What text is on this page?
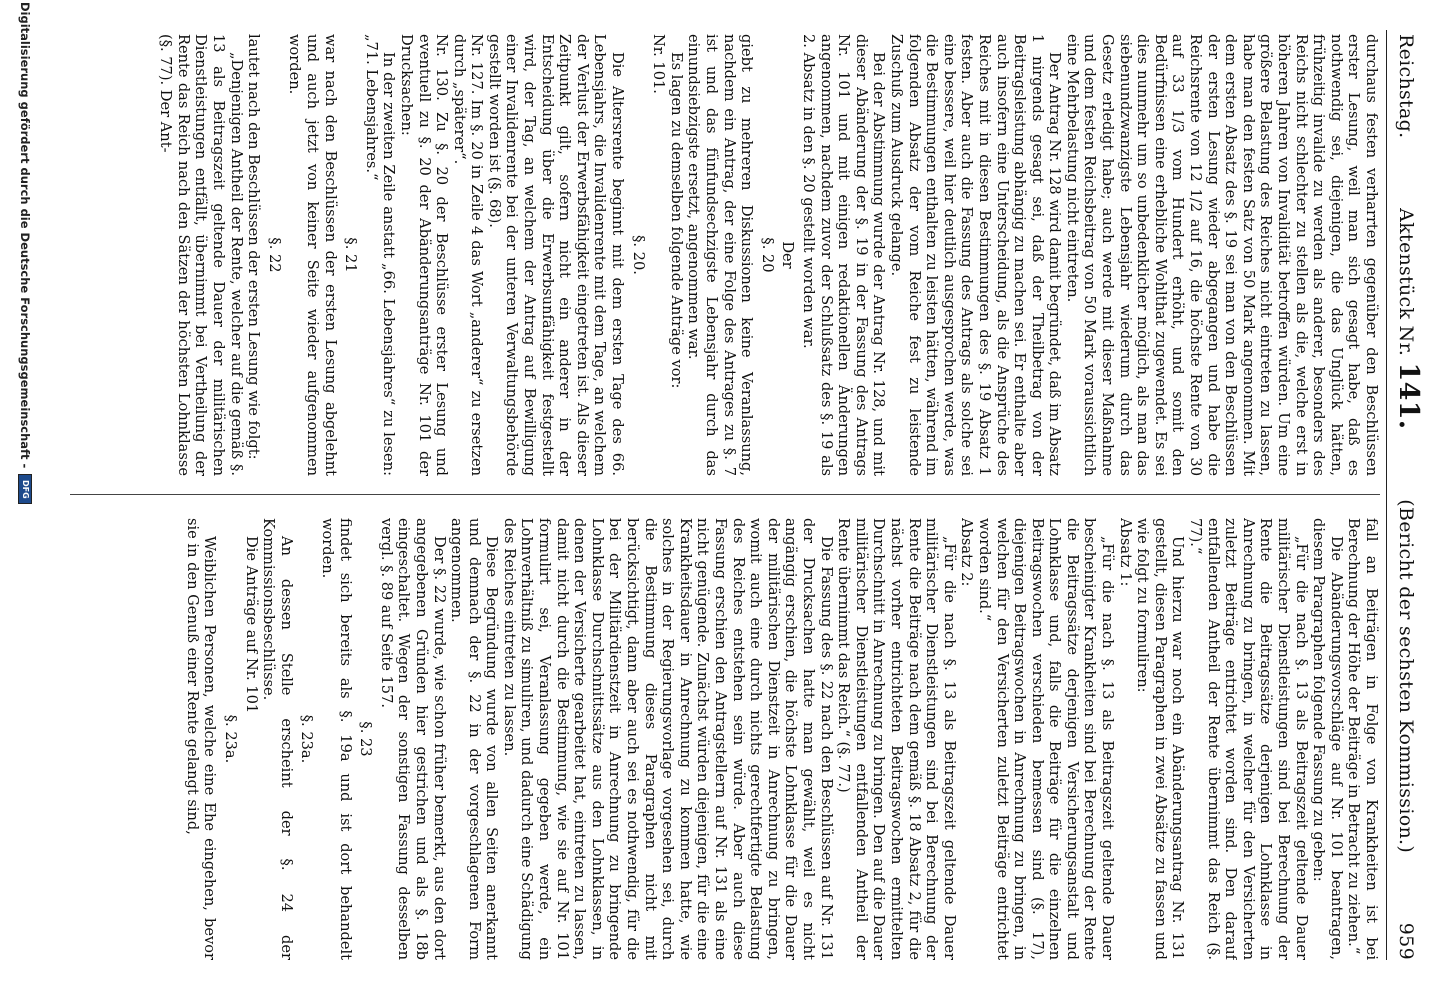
Reichstag.
Aktenstück Nr. 141.
(Bericht der sechsten Kommission.)
959

durchaus festen verharrten gegenüber den Beschlüssen erster Lesung, weil man sich gesagt habe, daß es nothwendig sei, diejenigen, die das Unglück hätten, frühzeitig invalide zu werden als anderer, besonders des Reichs nicht schlechter zu stellen als die, welche erst in höheren Jahren von Invalidität betroffen würden. Um eine größere Belastung des Reiches nicht eintreten zu lassen, habe man den festen Satz von 50 Mark angenommen. Mit dem ersten Absatz des §. 19 sei man von den Beschlüssen der ersten Lesung wieder abgegangen und habe die Reichsrente von 12 1/2 auf 16, die höchste Rente von 30 auf 33 1/3 vom Hundert erhöht, und somit den Bedürfnissen eine erhebliche Wohlthat zugewendet. Es sei dies nunmehr um so unbedenklicher möglich, als man das siebenundzwanzigste Lebensjahr wiederum durch das Gesetz erledigt habe; auch werde mit dieser Maßnahme und dem festen Reichsbeitrag von 50 Mark voraussichtlich eine Mehrbelastung nicht eintreten.

Der Antrag Nr. 128 wird damit begründet, daß im Absatz 1 nirgends gesagt sei, daß der Theilbetrag von der Beitragsleistung abhängig zu machen sei. Er enthalte aber auch insofern eine Unterscheidung, als die Ansprüche des Reiches mit in diesen Bestimmungen des §. 19 Absatz 1 festen. Aber auch die Fassung des Antrags als solche sei eine bessere, weil hier deutlich ausgesprochen werde, was die Bestimmungen enthalten zu leisten hätten, während im folgenden Absatz der vom Reiche fest zu leistende Zuschuß zum Ausdruck gelange.

Bei der Abstimmung wurde der Antrag Nr. 128, und mit dieser Abänderung der §. 19 in der Fassung des Antrags Nr. 101 und mit einigen redaktionellen Änderungen angenommen, nachdem zuvor der Schlußsatz des §. 19 als 2. Absatz in den §. 20 gestellt worden war.

Der

§. 20

giebt zu mehreren Diskussionen keine Veranlassung, nachdem ein Antrag, der eine Folge des Antrages zu §. 7 ist und das fünfundsechzigste Lebensjahr durch das einundsiebzigste ersetzt, angenommen war.

Es lagen zu demselben folgende Anträge vor:

Nr. 101.

§. 20.

Die Altersrente beginnt mit dem ersten Tage des 66. Lebensjahrs, die Invalidenrente mit dem Tage, an welchem der Verlust der Erwerbsfähigkeit eingetreten ist. Als dieser Zeitpunkt gilt, sofern nicht ein anderer in der Entscheidung über die Erwerbsunfähigkeit festgestellt wird, der Tag, an welchem der Antrag auf Bewilligung einer Invalidenrente bei der unteren Verwaltungsbehörde gestellt worden ist (§. 68).

Nr. 127. Im §. 20 in Zeile 4 das Wort „anderer“ zu ersetzen durch „späterer“.

Nr. 130. Zu §. 20 der Beschlüsse erster Lesung und eventuell zu §. 20 der Abänderungsanträge Nr. 101 der Drucksachen:

In der zweiten Zeile anstatt „66. Lebensjahres“ zu lesen: „71. Lebensjahres.“

§. 21

war nach den Beschlüssen der ersten Lesung abgelehnt und auch jetzt von keiner Seite wieder aufgenommen worden.

§. 22

lautet nach den Beschlüssen der ersten Lesung wie folgt:

„Denjenigen Antheil der Rente, welcher auf die gemäß §. 13 als Beitragszeit geltende Dauer der militärischen Dienstleistungen entfällt, übernimmt bei Vertheilung der Rente das Reich nach den Sätzen der höchsten Lohnklasse (§. 77). Der Ant-

fall an Beiträgen in Folge von Krankheiten ist bei Berechnung der Höhe der Beiträge in Betracht zu ziehen.“

Die Abänderungsvorschläge auf Nr. 101 beantragen, diesem Paragraphen folgende Fassung zu geben:

„Für die nach §. 13 als Beitragszeit geltende Dauer militärischer Dienstleistungen sind bei Berechnung der Rente die Beitragssätze derjenigen Lohnklasse in Anrechnung zu bringen, in welcher für den Versicherten zuletzt Beiträge entrichtet worden sind. Den darauf entfallenden Antheil der Rente übernimmt das Reich (§. 77).“

Und hierzu war noch ein Abänderungsantrag Nr. 131 gestellt, diesen Paragraphen in zwei Absätze zu fassen und wie folgt zu formuliren:

Absatz 1:

„Für die nach §. 13 als Beitragszeit geltende Dauer bescheinigter Krankheiten sind bei Berechnung der Rente die Beitragssätze derjenigen Versicherungsanstalt und Lohnklasse und, falls die Beiträge für die einzelnen Beitragswochen verschieden bemessen sind (§. 17), diejenigen Beitragswochen in Anrechnung zu bringen, in welchen für den Versicherten zuletzt Beiträge entrichtet worden sind.“

Absatz 2:

„Für die nach §. 13 als Beitragszeit geltende Dauer militärischer Dienstleistungen sind bei Berechnung der Rente die Beiträge nach dem gemäß §. 18 Absatz 2, für die nächst vorher entrichteten Beitragswochen ermittelten Durchschnitt in Anrechnung zu bringen. Den auf die Dauer militärischer Dienstleistungen entfallenden Antheil der Rente übernimmt das Reich.“ (§. 77.)

Die Fassung des §. 22 nach den Beschlüssen auf Nr. 131 der Drucksachen hatte man gewählt, weil es nicht angängig erschien, die höchste Lohnklasse für die Dauer der militärischen Dienstzeit in Anrechnung zu bringen, womit auch eine durch nichts gerechtfertigte Belastung des Reiches entstehen sein würde. Aber auch diese Fassung erschien den Antragstellern auf Nr. 131 als eine nicht genügende. Zunächst würden diejenigen, für die eine Krankheitsdauer in Anrechnung zu kommen hatte, wie solches in der Regierungsvorlage vorgesehen sei, durch die Bestimmung dieses Paragraphen nicht mit berücksichtigt, dann aber auch sei es nothwendig, für die bei der Militärdienstzeit in Anrechnung zu bringende Lohnklasse Durchschnittssätze aus den Lohnklassen, in denen der Versicherte gearbeitet hat, eintreten zu lassen, damit nicht durch die Bestimmung, wie sie auf Nr. 101 formulirt sei, Veranlassung gegeben werde, ein Lohnverhältniß zu simuliren, und dadurch eine Schädigung des Reiches eintreten zu lassen.

Diese Begründung wurde von allen Seiten anerkannt und demnach der §. 22 in der vorgeschlagenen Form angenommen.

Der §. 22 wurde, wie schon früher bemerkt, aus den dort angegebenen Gründen hier gestrichen und als §. 18b eingeschaltet. Wegen der sonstigen Fassung desselben vergl. §. 89 auf Seite 157.

§. 23

findet sich bereits als §. 19a und ist dort behandelt worden.

§. 23a.

An dessen Stelle erscheint der §. 24 der Kommissionsbeschlüsse.

Die Anträge auf Nr. 101

§. 23a.

Weiblichen Personen, welche eine Ehe eingehen, bevor sie in den Genuß einer Rente gelangt sind,

Digitalisierung gefördert durch die Deutsche Forschungsgemeinschaft -
DFG
